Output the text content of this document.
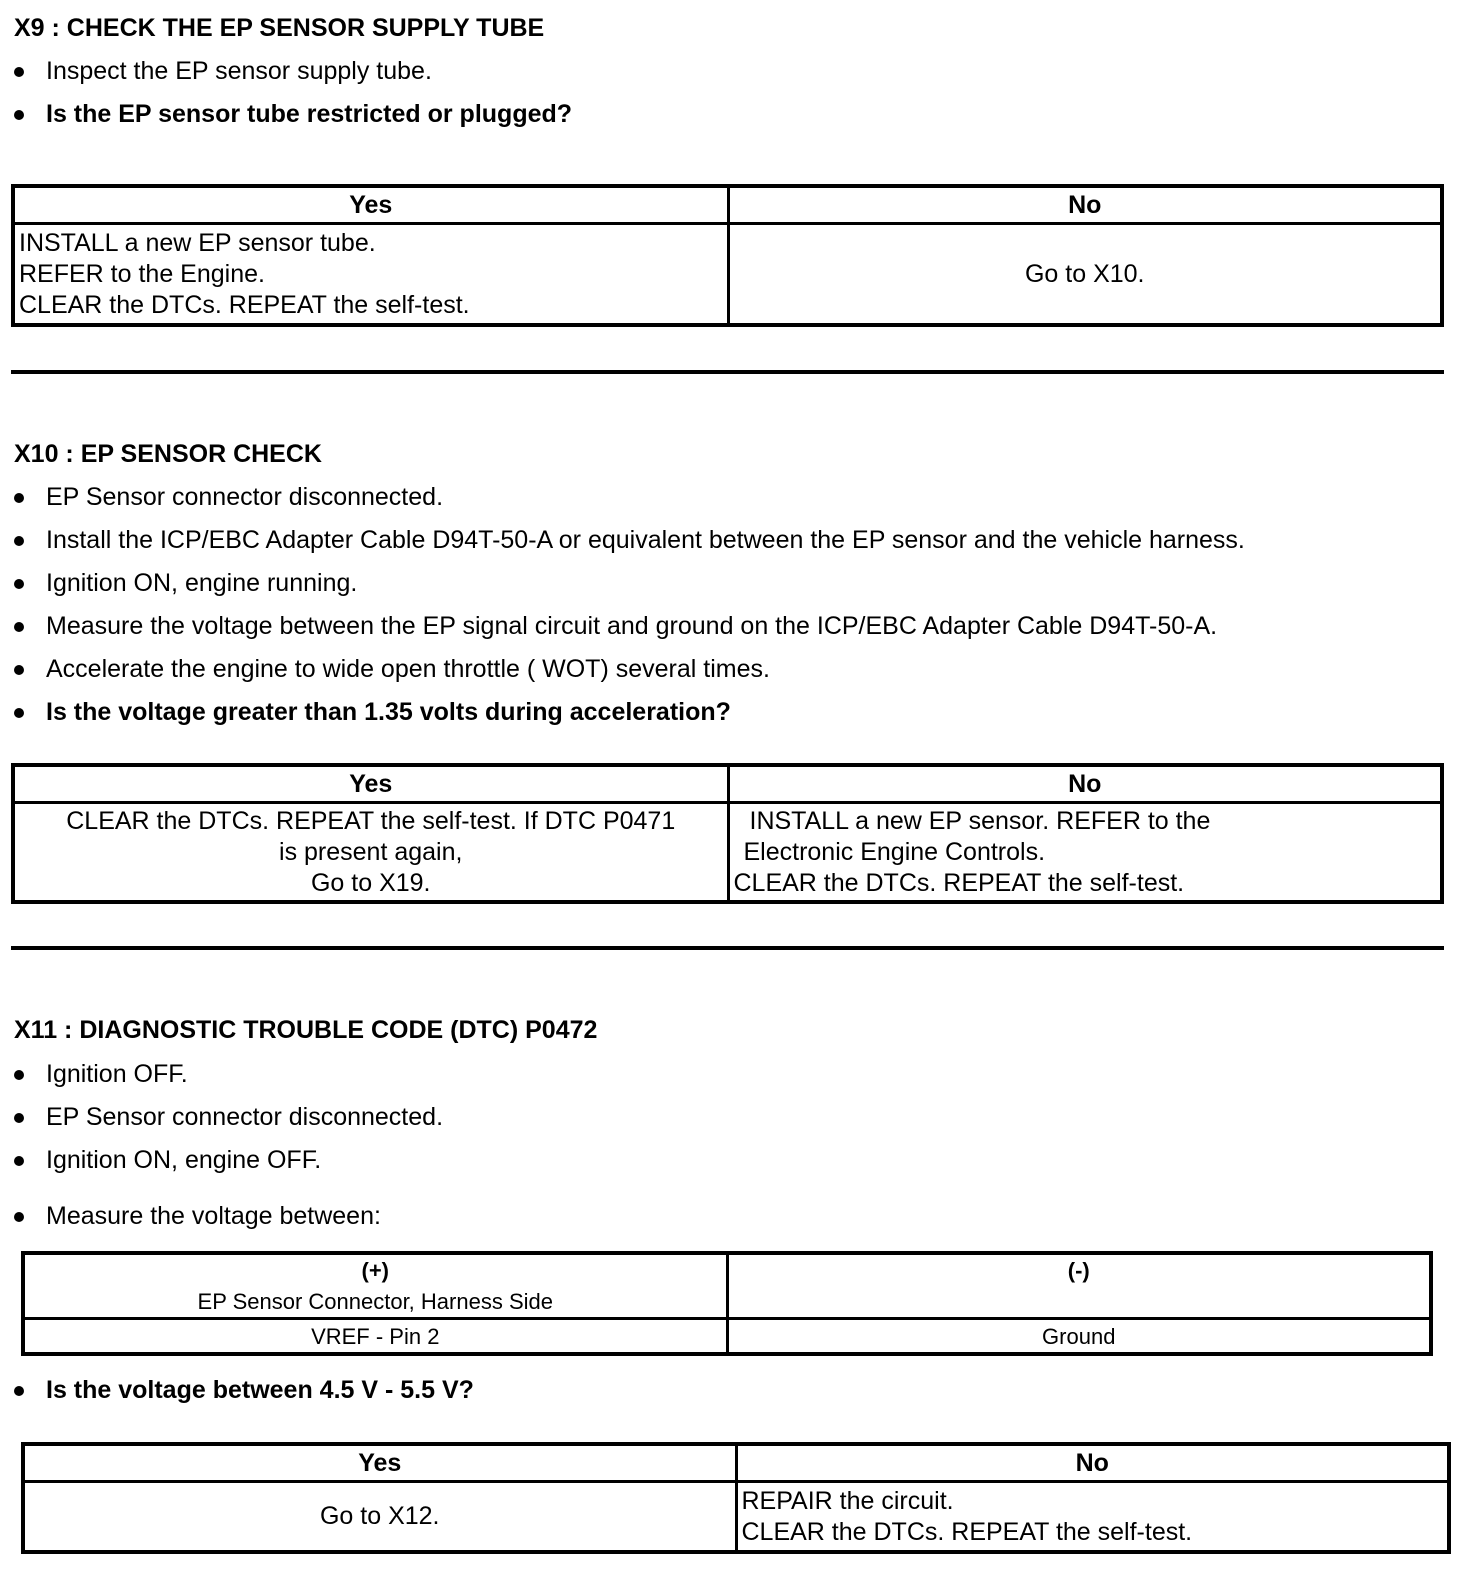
X9 : CHECK THE EP SENSOR SUPPLY TUBE
Inspect the EP sensor supply tube.
Is the EP sensor tube restricted or plugged?
Yes	No

INSTALL a new EP sensor tube.
REFER to the Engine.
CLEAR the DTCs. REPEAT the self-test.	Go to X10.
X10 : EP SENSOR CHECK
EP Sensor connector disconnected.
Install the ICP/EBC Adapter Cable D94T-50-A or equivalent between the EP sensor and the vehicle harness.
Ignition ON, engine running.
Measure the voltage between the EP signal circuit and ground on the ICP/EBC Adapter Cable D94T-50-A.
Accelerate the engine to wide open throttle ( WOT) several times.
Is the voltage greater than 1.35 volts during acceleration?
Yes	No

CLEAR the DTCs. REPEAT the self-test. If DTC P0471
is present again,
Go to X19.	INSTALL a new EP sensor. REFER to the
Electronic Engine Controls.
CLEAR the DTCs. REPEAT the self-test.
X11 : DIAGNOSTIC TROUBLE CODE (DTC) P0472
Ignition OFF.
EP Sensor connector disconnected.
Ignition ON, engine OFF.
Measure the voltage between:
(+)
EP Sensor Connector, Harness Side	(-)

VREF - Pin 2	Ground
Is the voltage between 4.5 V - 5.5 V?
Yes	No

Go to X12.	REPAIR the circuit.
CLEAR the DTCs. REPEAT the self-test.
